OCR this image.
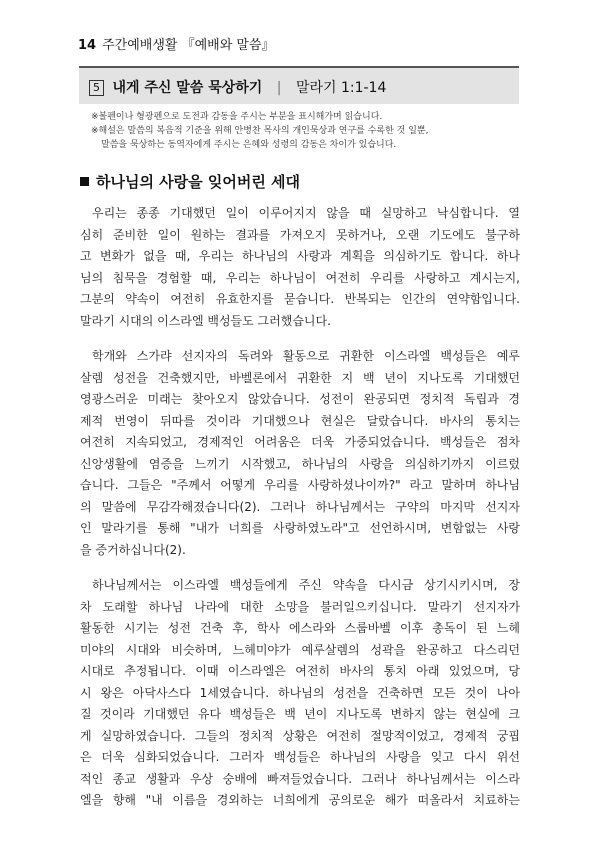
14 주간예배생활 『예배와 말씀』
5 내게 주신 말씀 묵상하기 | 말라기 1:1-14

※볼펜이나 형광펜으로 도전과 감동을 주시는 부분을 표시해가며 읽습니다.

※해설은 말씀의 복음적 기준을 위해 안병찬 목사의 개인묵상과 연구를 수록한 것 일뿐,

말씀을 묵상하는 동역자에게 주시는 은혜와 성령의 감동은 차이가 있습니다.

하나님의 사랑을 잊어버린 세대
우리는 종종 기대했던 일이 이루어지지 않을 때 실망하고 낙심합니다. 열
심히 준비한 일이 원하는 결과를 가져오지 못하거나, 오랜 기도에도 불구하
고 변화가 없을 때, 우리는 하나님의 사랑과 계획을 의심하기도 합니다. 하나
님의 침묵을 경험할 때, 우리는 하나님이 여전히 우리를 사랑하고 계시는지,
그분의 약속이 여전히 유효한지를 묻습니다. 반복되는 인간의 연약함입니다.
말라기 시대의 이스라엘 백성들도 그러했습니다.
학개와 스가랴 선지자의 독려와 활동으로 귀환한 이스라엘 백성들은 예루
살렘 성전을 건축했지만, 바벨론에서 귀환한 지 백 년이 지나도록 기대했던
영광스러운 미래는 찾아오지 않았습니다. 성전이 완공되면 정치적 독립과 경
제적 번영이 뒤따를 것이라 기대했으나 현실은 달랐습니다. 바사의 통치는
여전히 지속되었고, 경제적인 어려움은 더욱 가중되었습니다. 백성들은 점차
신앙생활에 염증을 느끼기 시작했고, 하나님의 사랑을 의심하기까지 이르렀
습니다. 그들은 "주께서 어떻게 우리를 사랑하셨나이까?" 라고 말하며 하나님
의 말씀에 무감각해졌습니다(2). 그러나 하나님께서는 구약의 마지막 선지자
인 말라기를 통해 "내가 너희를 사랑하였노라"고 선언하시며, 변함없는 사랑
을 증거하십니다(2).
하나님께서는 이스라엘 백성들에게 주신 약속을 다시금 상기시키시며, 장
차 도래할 하나님 나라에 대한 소망을 불러일으키십니다. 말라기 선지자가
활동한 시기는 성전 건축 후, 학사 에스라와 스룹바벨 이후 총독이 된 느헤
미야의 시대와 비슷하며, 느헤미야가 예루살렘의 성곽을 완공하고 다스리던
시대로 추정됩니다. 이때 이스라엘은 여전히 바사의 통치 아래 있었으며, 당
시 왕은 아닥사스다 1세였습니다. 하나님의 성전을 건축하면 모든 것이 나아
질 것이라 기대했던 유다 백성들은 백 년이 지나도록 변하지 않는 현실에 크
게 실망하였습니다. 그들의 정치적 상황은 여전히 절망적이었고, 경제적 궁핍
은 더욱 심화되었습니다. 그러자 백성들은 하나님의 사랑을 잊고 다시 위선
적인 종교 생활과 우상 숭배에 빠져들었습니다. 그러나 하나님께서는 이스라
엘을 향해 "내 이름을 경외하는 너희에게 공의로운 해가 떠올라서 치료하는
